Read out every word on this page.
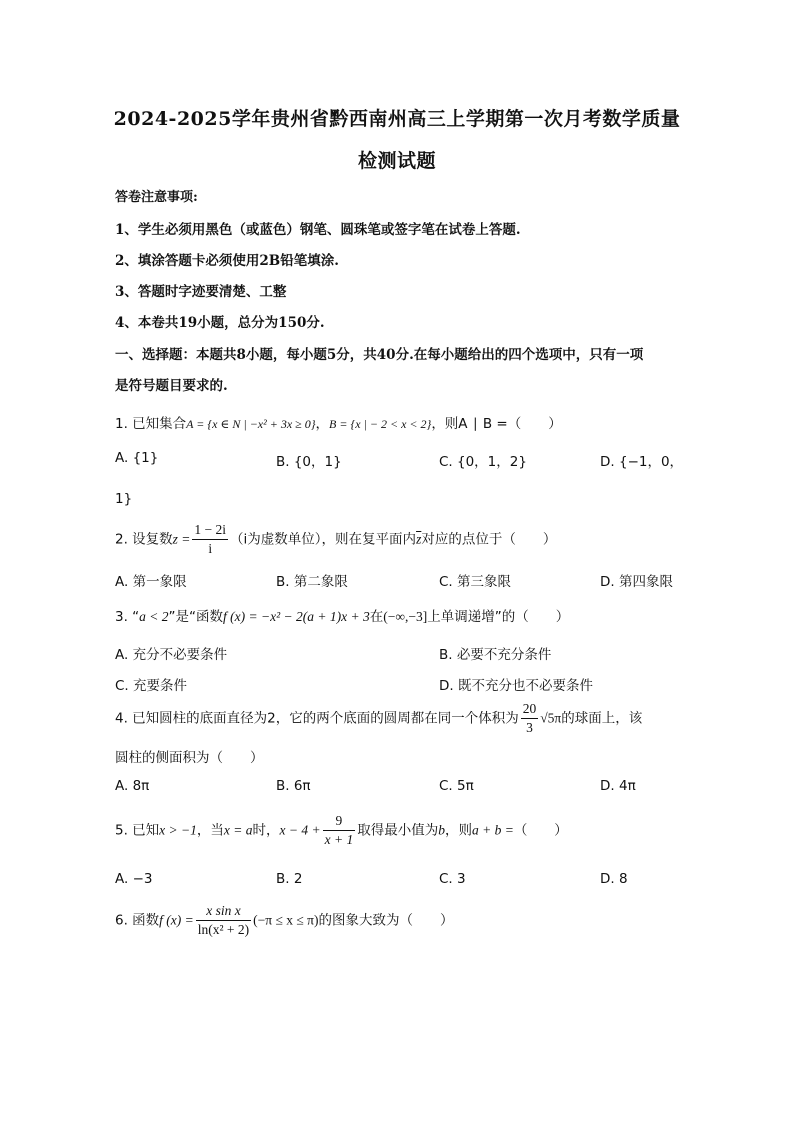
2024-2025学年贵州省黔西南州高三上学期第一次月考数学质量
检测试题
答卷注意事项:
1、学生必须用黑色（或蓝色）钢笔、圆珠笔或签字笔在试卷上答题.
2、填涂答题卡必须使用2B铅笔填涂.
3、答题时字迹要清楚、工整
4、本卷共19小题，总分为150分.
一、选择题：本题共8小题，每小题5分，共40分.在每小题给出的四个选项中，只有一项
是符号题目要求的.
1. 已知集合A = {x ∈ N | −x² + 3x ≥ 0}，B = {x | − 2 < x < 2}，则A ∣ B =（　　）
A. {1}	B. {0，1}	C. {0，1，2}	D. {−1，0，
1}
2. 设复数$z = \frac{1 - 2i}{i} (i$为虚数单位），则在复平面内$\overline{z}$对应的点位于（　　）
A. 第一象限	B. 第二象限	C. 第三象限	D. 第四象限
3. “a < 2”是“函数f (x) = −x² − 2(a + 1)x + 3在(−∞,−3]上单调递增”的（　　）
A. 充分不必要条件	B. 必要不充分条件
C. 充要条件	D. 既不充分也不必要条件
4. 已知圆柱的底面直径为2，它的两个底面的圆周都在同一个体积为 $\frac{20}{3} √5\pi$的球面上，该
圆柱的侧面积为（　　）
A. 8π	B. 6π	C. 5π	D. 4π
5. 已知x > −1，当x = a时，$x - 4 + \frac{9}{x + 1}$ 取得最小值为b，则a + b =（　　）
A. −3	B. 2	C. 3	D. 8
6. 函数f $(x) = \frac{\text{x sin x}}{\text{ln(x² + 2)}} (-\pi \le x \le \pi)$的图象大致为（　　）
